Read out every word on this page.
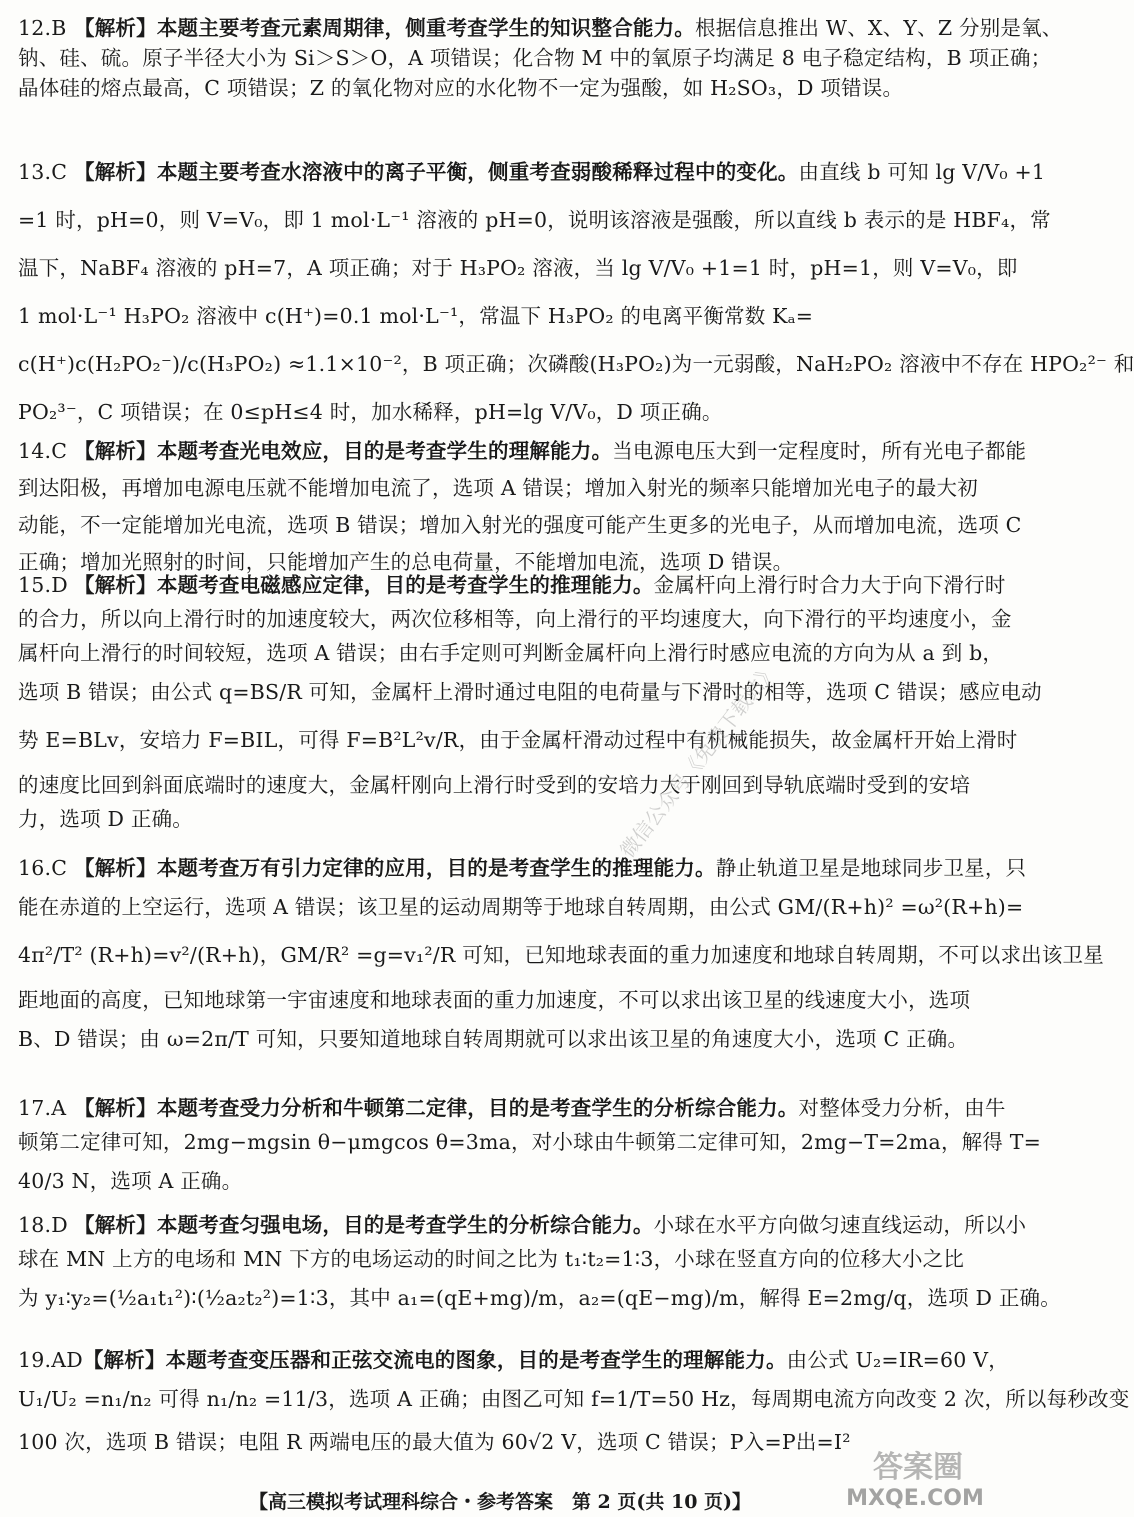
12.B 【解析】本题主要考查元素周期律，侧重考查学生的知识整合能力。根据信息推出 W、X、Y、Z 分别是氧、
钠、硅、硫。原子半径大小为 Si＞S＞O，A 项错误；化合物 M 中的氧原子均满足 8 电子稳定结构，B 项正确；
晶体硅的熔点最高，C 项错误；Z 的氧化物对应的水化物不一定为强酸，如 H₂SO₃，D 项错误。
13.C 【解析】本题主要考查水溶液中的离子平衡，侧重考查弱酸稀释过程中的变化。由直线 b 可知 lg V/V₀ +1
=1 时，pH=0，则 V=V₀，即 1 mol·L⁻¹ 溶液的 pH=0，说明该溶液是强酸，所以直线 b 表示的是 HBF₄，常
温下，NaBF₄ 溶液的 pH=7，A 项正确；对于 H₃PO₂ 溶液，当 lg V/V₀ +1=1 时，pH=1，则 V=V₀，即
1 mol·L⁻¹ H₃PO₂ 溶液中 c(H⁺)=0.1 mol·L⁻¹，常温下 H₃PO₂ 的电离平衡常数 Kₐ=
c(H⁺)c(H₂PO₂⁻)/c(H₃PO₂) ≈1.1×10⁻²，B 项正确；次磷酸(H₃PO₂)为一元弱酸，NaH₂PO₂ 溶液中不存在 HPO₂²⁻ 和
PO₂³⁻，C 项错误；在 0≤pH≤4 时，加水稀释，pH=lg V/V₀，D 项正确。
14.C 【解析】本题考查光电效应，目的是考查学生的理解能力。当电源电压大到一定程度时，所有光电子都能
到达阳极，再增加电源电压就不能增加电流了，选项 A 错误；增加入射光的频率只能增加光电子的最大初
动能，不一定能增加光电流，选项 B 错误；增加入射光的强度可能产生更多的光电子，从而增加电流，选项 C
正确；增加光照射的时间，只能增加产生的总电荷量，不能增加电流，选项 D 错误。
15.D 【解析】本题考查电磁感应定律，目的是考查学生的推理能力。金属杆向上滑行时合力大于向下滑行时
的合力，所以向上滑行时的加速度较大，两次位移相等，向上滑行的平均速度大，向下滑行的平均速度小，金
属杆向上滑行的时间较短，选项 A 错误；由右手定则可判断金属杆向上滑行时感应电流的方向为从 a 到 b，
选项 B 错误；由公式 q=BS/R 可知，金属杆上滑时通过电阻的电荷量与下滑时的相等，选项 C 错误；感应电动
势 E=BLv，安培力 F=BIL，可得 F=B²L²v/R，由于金属杆滑动过程中有机械能损失，故金属杆开始上滑时
的速度比回到斜面底端时的速度大，金属杆刚向上滑行时受到的安培力大于刚回到导轨底端时受到的安培
力，选项 D 正确。
16.C 【解析】本题考查万有引力定律的应用，目的是考查学生的推理能力。静止轨道卫星是地球同步卫星，只
能在赤道的上空运行，选项 A 错误；该卫星的运动周期等于地球自转周期，由公式 GM/(R+h)² =ω²(R+h)=
4π²/T² (R+h)=v²/(R+h)，GM/R² =g=v₁²/R 可知，已知地球表面的重力加速度和地球自转周期，不可以求出该卫星
距地面的高度，已知地球第一宇宙速度和地球表面的重力加速度，不可以求出该卫星的线速度大小，选项
B、D 错误；由 ω=2π/T 可知，只要知道地球自转周期就可以求出该卫星的角速度大小，选项 C 正确。
17.A 【解析】本题考查受力分析和牛顿第二定律，目的是考查学生的分析综合能力。对整体受力分析，由牛
顿第二定律可知，2mg−mgsin θ−μmgcos θ=3ma，对小球由牛顿第二定律可知，2mg−T=2ma，解得 T=
40/3 N，选项 A 正确。
18.D 【解析】本题考查匀强电场，目的是考查学生的分析综合能力。小球在水平方向做匀速直线运动，所以小
球在 MN 上方的电场和 MN 下方的电场运动的时间之比为 t₁∶t₂=1∶3，小球在竖直方向的位移大小之比
为 y₁∶y₂=(½a₁t₁²)∶(½a₂t₂²)=1∶3，其中 a₁=(qE+mg)/m，a₂=(qE−mg)/m，解得 E=2mg/q，选项 D 正确。
19.AD【解析】本题考查变压器和正弦交流电的图象，目的是考查学生的理解能力。由公式 U₂=IR=60 V，
U₁/U₂ =n₁/n₂ 可得 n₁/n₂ =11/3，选项 A 正确；由图乙可知 f=1/T=50 Hz，每周期电流方向改变 2 次，所以每秒改变
100 次，选项 B 错误；电阻 R 两端电压的最大值为 60√2 V，选项 C 错误；P入=P出=I²
微信公众号《免费下载站》
答案圈
MXQE.COM
【高三模拟考试理科综合・参考答案　第 2 页(共 10 页)】
